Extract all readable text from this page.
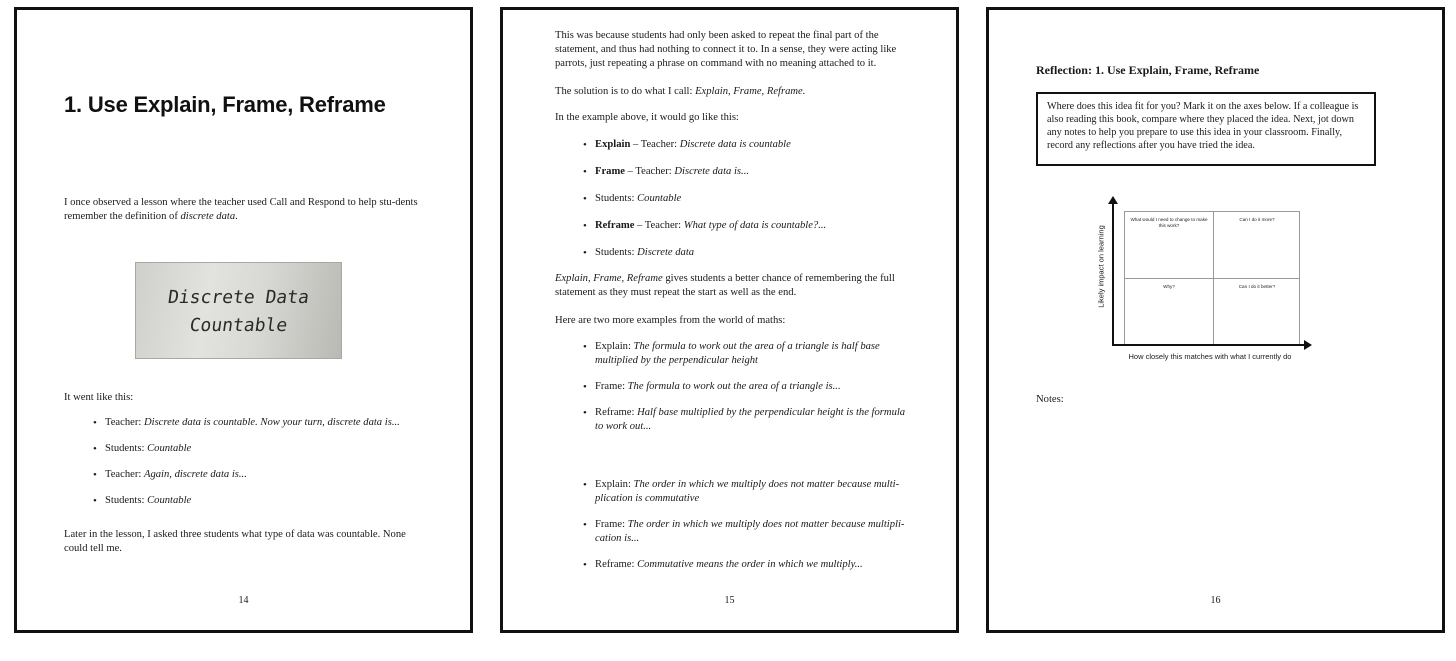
1. Use Explain, Frame, Reframe

I once observed a lesson where the teacher used Call and Respond to help stu-dents remember the definition of discrete data.

Discrete Data
Countable

It went like this:

• Teacher: Discrete data is countable. Now your turn, discrete data is...
• Students: Countable
• Teacher: Again, discrete data is...
• Students: Countable

Later in the lesson, I asked three students what type of data was countable. None could tell me.

14

This was because students had only been asked to repeat the final part of the statement, and thus had nothing to connect it to. In a sense, they were acting like parrots, just repeating a phrase on command with no meaning attached to it.

The solution is to do what I call: Explain, Frame, Reframe.

In the example above, it would go like this:

• Explain – Teacher: Discrete data is countable
• Frame – Teacher: Discrete data is...
• Students: Countable
• Reframe – Teacher: What type of data is countable?...
• Students: Discrete data

Explain, Frame, Reframe gives students a better chance of remembering the full statement as they must repeat the start as well as the end.

Here are two more examples from the world of maths:

• Explain: The formula to work out the area of a triangle is half base multiplied by the perpendicular height
• Frame: The formula to work out the area of a triangle is...
• Reframe: Half base multiplied by the perpendicular height is the formula to work out...
• Explain: The order in which we multiply does not matter because multi-plication is commutative
• Frame: The order in which we multiply does not matter because multipli-cation is...
• Reframe: Commutative means the order in which we multiply...
15
Reflection: 1. Use Explain, Frame, Reframe
Where does this idea fit for you? Mark it on the axes below. If a colleague is also reading this book, compare where they placed the idea. Next, jot down any notes to help you prepare to use this idea in your classroom. Finally, record any reflections after you have tried the idea.
What would I need to change to make this work?
Can I do it more?
Why?	Can I do it better?
Likely impact on learning
How closely this matches with what I currently do

Notes:

16
